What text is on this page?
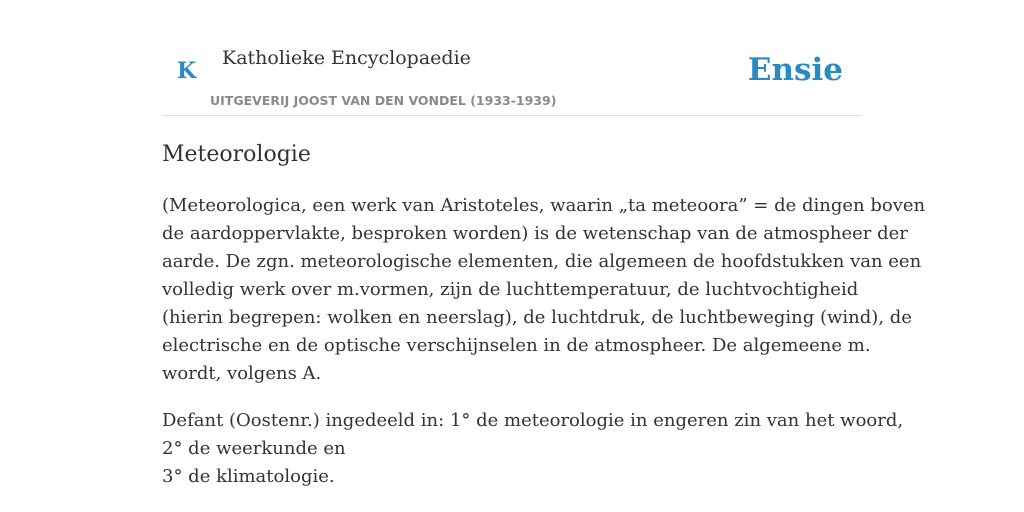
K Katholieke Encyclopaedie
UITGEVERIJ JOOST VAN DEN VONDEL (1933-1939)
Ensie
Meteorologie
(Meteorologica, een werk van Aristoteles, waarin „ta meteoora” = de dingen boven
de aardoppervlakte, besproken worden) is de wetenschap van de atmospheer der
aarde. De zgn. meteorologische elementen, die algemeen de hoofdstukken van een
volledig werk over m.vormen, zijn de luchttemperatuur, de luchtvochtigheid
(hierin begrepen: wolken en neerslag), de luchtdruk, de luchtbeweging (wind), de
electrische en de optische verschijnselen in de atmospheer. De algemeene m.
wordt, volgens A.
Defant (Oostenr.) ingedeeld in: 1° de meteorologie in engeren zin van het woord,
2° de weerkunde en
3° de klimatologie.
